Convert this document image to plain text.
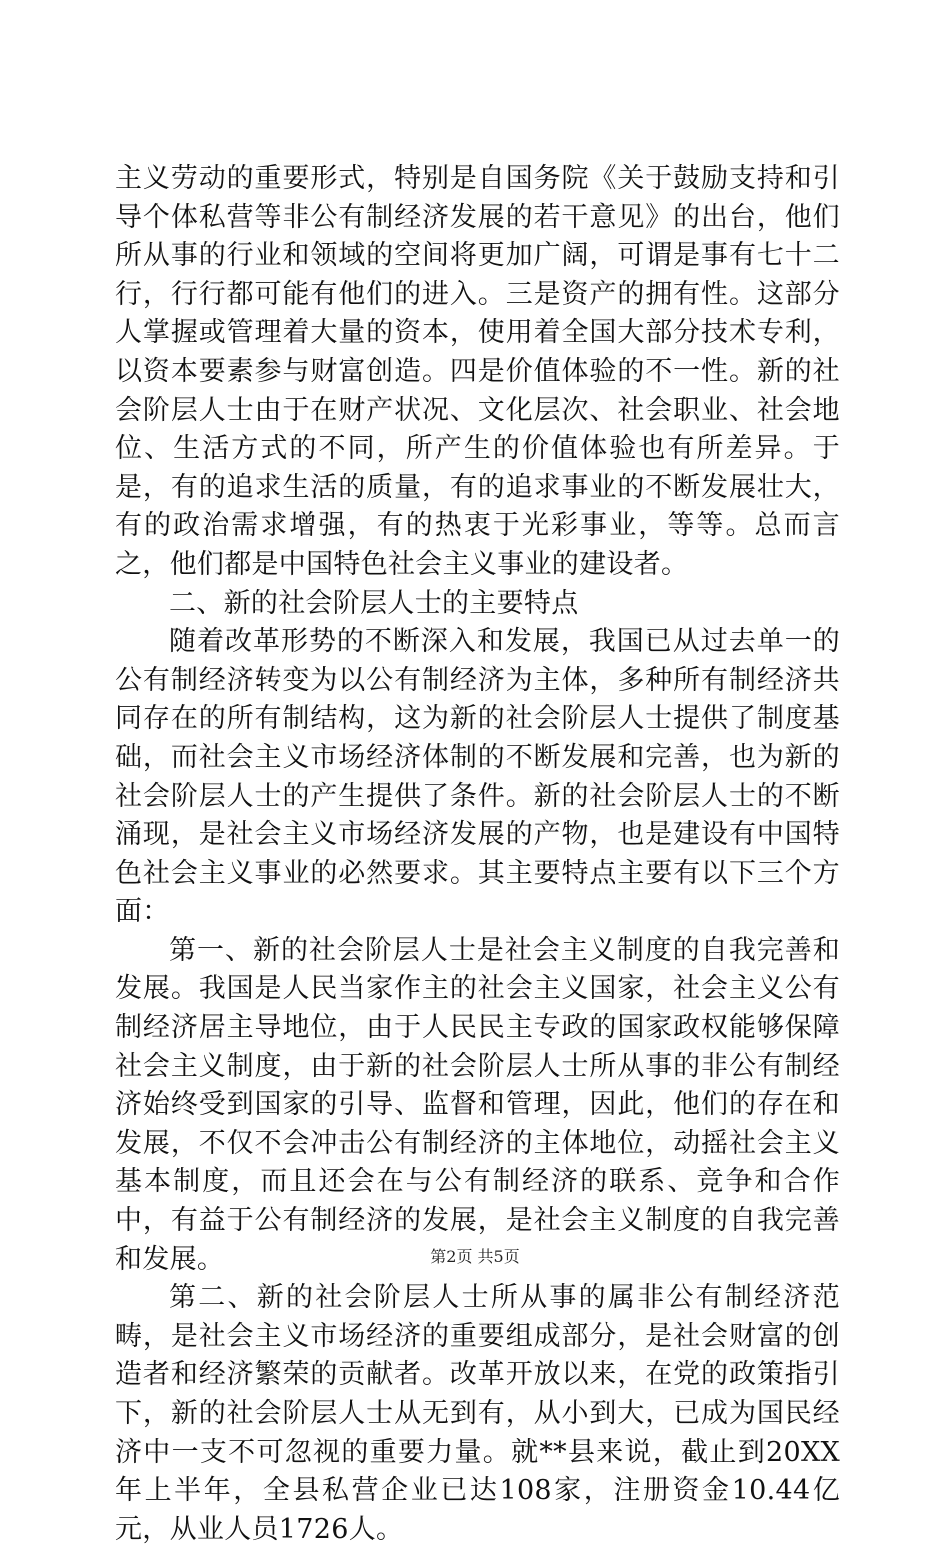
主义劳动的重要形式，特别是自国务院《关于鼓励支持和引导个体私营等非公有制经济发展的若干意见》的出台，他们所从事的行业和领域的空间将更加广阔，可谓是事有七十二行，行行都可能有他们的进入。三是资产的拥有性。这部分人掌握或管理着大量的资本，使用着全国大部分技术专利，以资本要素参与财富创造。四是价值体验的不一性。新的社会阶层人士由于在财产状况、文化层次、社会职业、社会地位、生活方式的不同，所产生的价值体验也有所差异。于是，有的追求生活的质量，有的追求事业的不断发展壮大，有的政治需求增强，有的热衷于光彩事业，等等。总而言之，他们都是中国特色社会主义事业的建设者。

二、新的社会阶层人士的主要特点

随着改革形势的不断深入和发展，我国已从过去单一的公有制经济转变为以公有制经济为主体，多种所有制经济共同存在的所有制结构，这为新的社会阶层人士提供了制度基础，而社会主义市场经济体制的不断发展和完善，也为新的社会阶层人士的产生提供了条件。新的社会阶层人士的不断涌现，是社会主义市场经济发展的产物，也是建设有中国特色社会主义事业的必然要求。其主要特点主要有以下三个方面：

第一、新的社会阶层人士是社会主义制度的自我完善和发展。我国是人民当家作主的社会主义国家，社会主义公有制经济居主导地位，由于人民民主专政的国家政权能够保障社会主义制度，由于新的社会阶层人士所从事的非公有制经济始终受到国家的引导、监督和管理，因此，他们的存在和发展，不仅不会冲击公有制经济的主体地位，动摇社会主义基本制度，而且还会在与公有制经济的联系、竞争和合作中，有益于公有制经济的发展，是社会主义制度的自我完善和发展。

第二、新的社会阶层人士所从事的属非公有制经济范畴，是社会主义市场经济的重要组成部分，是社会财富的创造者和经济繁荣的贡献者。改革开放以来，在党的政策指引下，新的社会阶层人士从无到有，从小到大，已成为国民经济中一支不可忽视的重要力量。就**县来说，截止到20XX年上半年，全县私营企业已达108家，注册资金10.44亿元，从业人员1726人。

第2页 共5页
